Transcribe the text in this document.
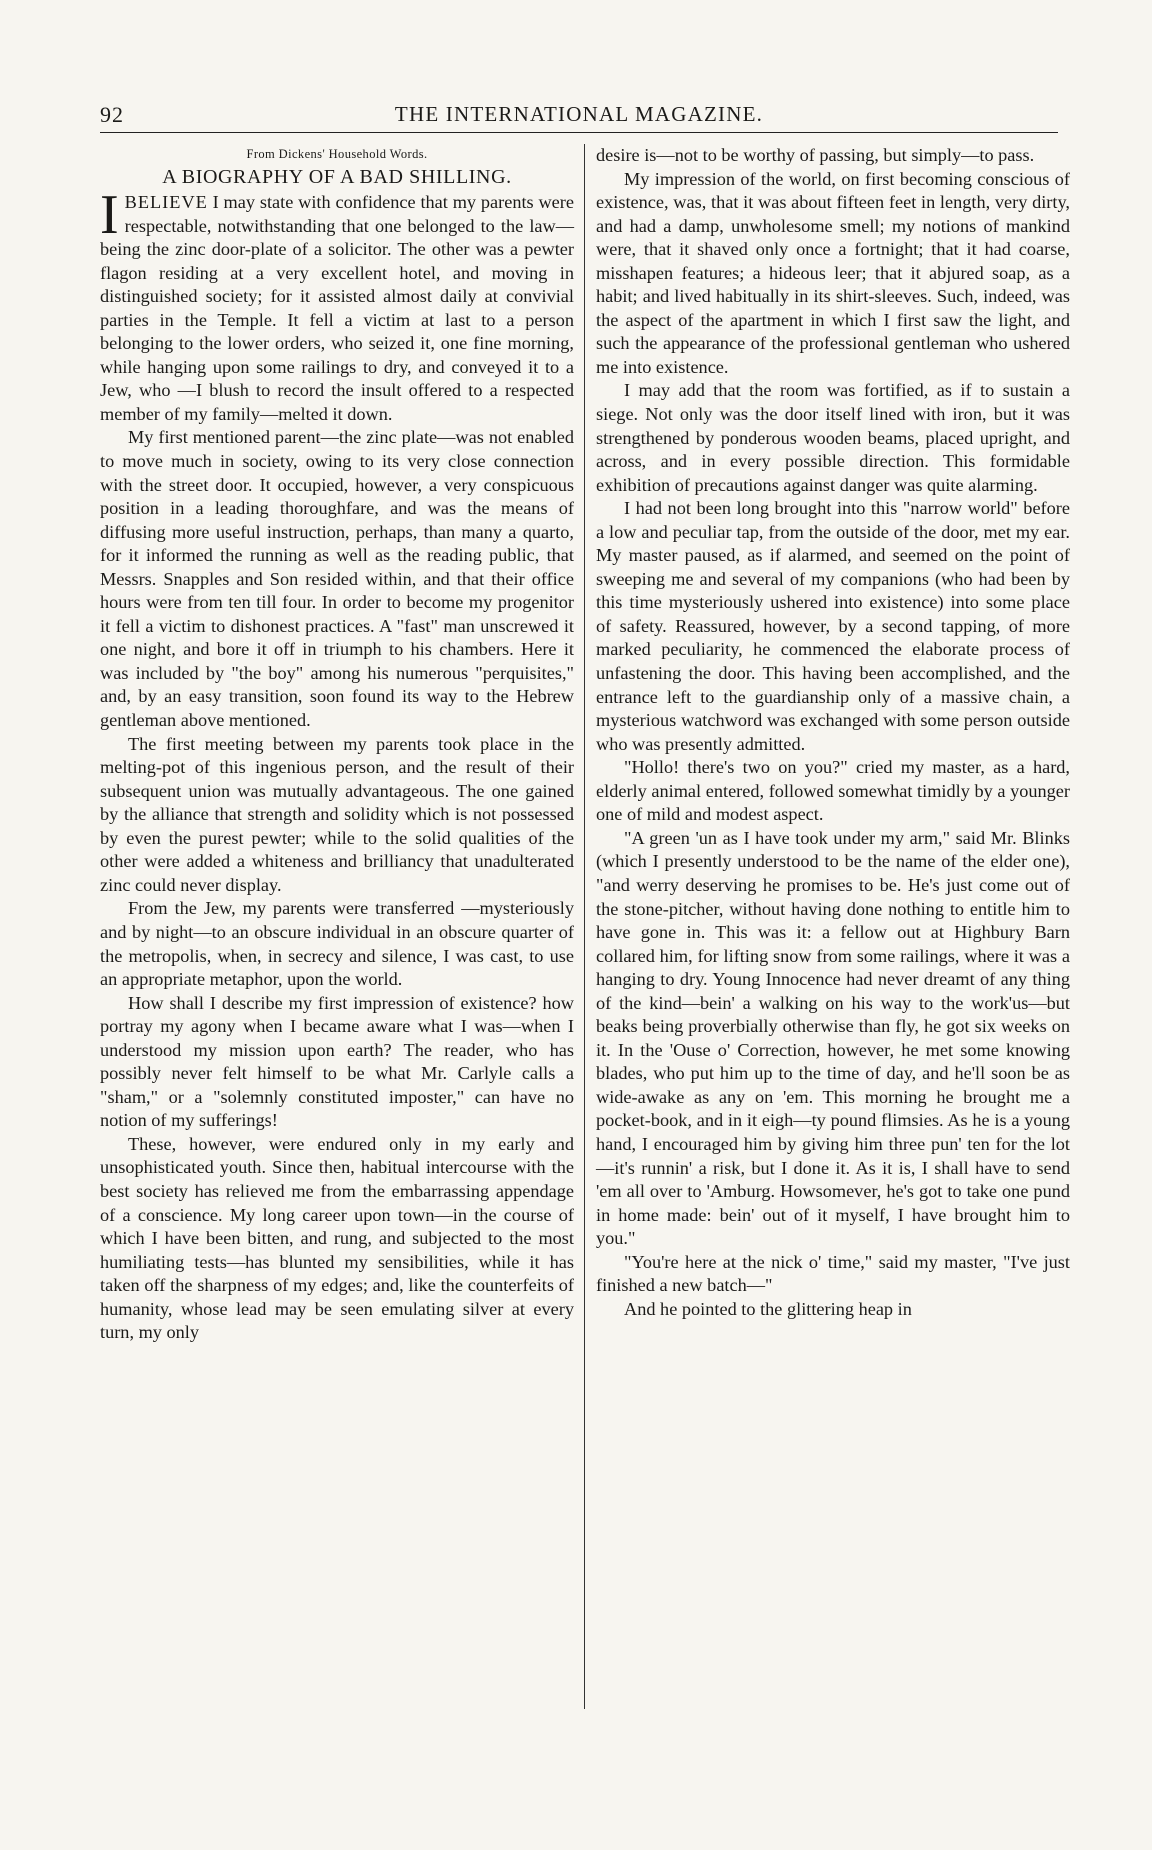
92	THE INTERNATIONAL MAGAZINE.
From Dickens' Household Words.
A BIOGRAPHY OF A BAD SHILLING.

IBELIEVE I may state with confidence that my parents were respectable, notwithstanding that one belonged to the law—being the zinc door-plate of a solicitor. The other was a pewter flagon residing at a very excellent hotel, and moving in distinguished society; for it assisted almost daily at convivial parties in the Temple. It fell a victim at last to a person belonging to the lower orders, who seized it, one fine morning, while hanging upon some railings to dry, and conveyed it to a Jew, who —I blush to record the insult offered to a respected member of my family—melted it down.

My first mentioned parent—the zinc plate—was not enabled to move much in society, owing to its very close connection with the street door. It occupied, however, a very conspicuous position in a leading thoroughfare, and was the means of diffusing more useful instruction, perhaps, than many a quarto, for it informed the running as well as the reading public, that Messrs. Snapples and Son resided within, and that their office hours were from ten till four. In order to become my progenitor it fell a victim to dishonest practices. A "fast" man unscrewed it one night, and bore it off in triumph to his chambers. Here it was included by "the boy" among his numerous "perquisites," and, by an easy transition, soon found its way to the Hebrew gentleman above mentioned.

The first meeting between my parents took place in the melting-pot of this ingenious person, and the result of their subsequent union was mutually advantageous. The one gained by the alliance that strength and solidity which is not possessed by even the purest pewter; while to the solid qualities of the other were added a whiteness and brilliancy that unadulterated zinc could never display.

From the Jew, my parents were transferred —mysteriously and by night—to an obscure individual in an obscure quarter of the metropolis, when, in secrecy and silence, I was cast, to use an appropriate metaphor, upon the world.

How shall I describe my first impression of existence? how portray my agony when I became aware what I was—when I understood my mission upon earth? The reader, who has possibly never felt himself to be what Mr. Carlyle calls a "sham," or a "solemnly constituted imposter," can have no notion of my sufferings!

These, however, were endured only in my early and unsophisticated youth. Since then, habitual intercourse with the best society has relieved me from the embarrassing appendage of a conscience. My long career upon town—in the course of which I have been bitten, and rung, and subjected to the most humiliating tests—has blunted my sensibilities, while it has taken off the sharpness of my edges; and, like the counterfeits of humanity, whose lead may be seen emulating silver at every turn, my only

desire is—not to be worthy of passing, but simply—to pass.

My impression of the world, on first becoming conscious of existence, was, that it was about fifteen feet in length, very dirty, and had a damp, unwholesome smell; my notions of mankind were, that it shaved only once a fortnight; that it had coarse, misshapen features; a hideous leer; that it abjured soap, as a habit; and lived habitually in its shirt-sleeves. Such, indeed, was the aspect of the apartment in which I first saw the light, and such the appearance of the professional gentleman who ushered me into existence.

I may add that the room was fortified, as if to sustain a siege. Not only was the door itself lined with iron, but it was strengthened by ponderous wooden beams, placed upright, and across, and in every possible direction. This formidable exhibition of precautions against danger was quite alarming.

I had not been long brought into this "narrow world" before a low and peculiar tap, from the outside of the door, met my ear. My master paused, as if alarmed, and seemed on the point of sweeping me and several of my companions (who had been by this time mysteriously ushered into existence) into some place of safety. Reassured, however, by a second tapping, of more marked peculiarity, he commenced the elaborate process of unfastening the door. This having been accomplished, and the entrance left to the guardianship only of a massive chain, a mysterious watchword was exchanged with some person outside who was presently admitted.

"Hollo! there's two on you?" cried my master, as a hard, elderly animal entered, followed somewhat timidly by a younger one of mild and modest aspect.

"A green 'un as I have took under my arm," said Mr. Blinks (which I presently understood to be the name of the elder one), "and werry deserving he promises to be. He's just come out of the stone-pitcher, without having done nothing to entitle him to have gone in. This was it: a fellow out at Highbury Barn collared him, for lifting snow from some railings, where it was a hanging to dry. Young Innocence had never dreamt of any thing of the kind—bein' a walking on his way to the work'us—but beaks being proverbially otherwise than fly, he got six weeks on it. In the 'Ouse o' Correction, however, he met some knowing blades, who put him up to the time of day, and he'll soon be as wide-awake as any on 'em. This morning he brought me a pocket-book, and in it eigh—ty pound flimsies. As he is a young hand, I encouraged him by giving him three pun' ten for the lot—it's runnin' a risk, but I done it. As it is, I shall have to send 'em all over to 'Amburg. Howsomever, he's got to take one pund in home made: bein' out of it myself, I have brought him to you."

"You're here at the nick o' time," said my master, "I've just finished a new batch—"

And he pointed to the glittering heap in
